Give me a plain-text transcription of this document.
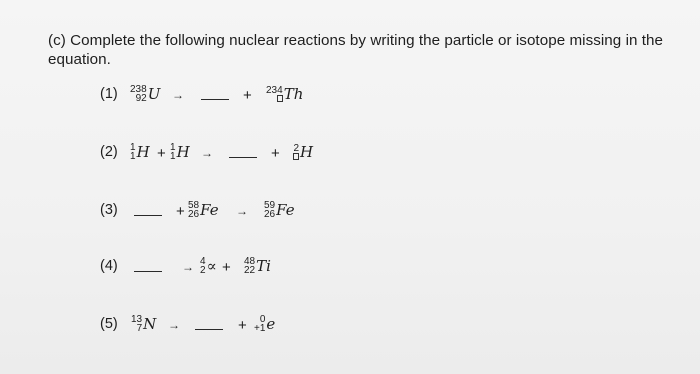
(c) Complete the following nuclear reactions by writing the particle or isotope missing in the equation.
(1) 238
92 U →	+ 234 Th
(2) 1
1 H + 1
1 H →	+ 2 H
(3)	+ 58
26 Fe → 59
26 Fe
(4)	→ 4
2 ∝ + 48
22 Ti
(5) 13
7 N →	+ 0
+1 e
